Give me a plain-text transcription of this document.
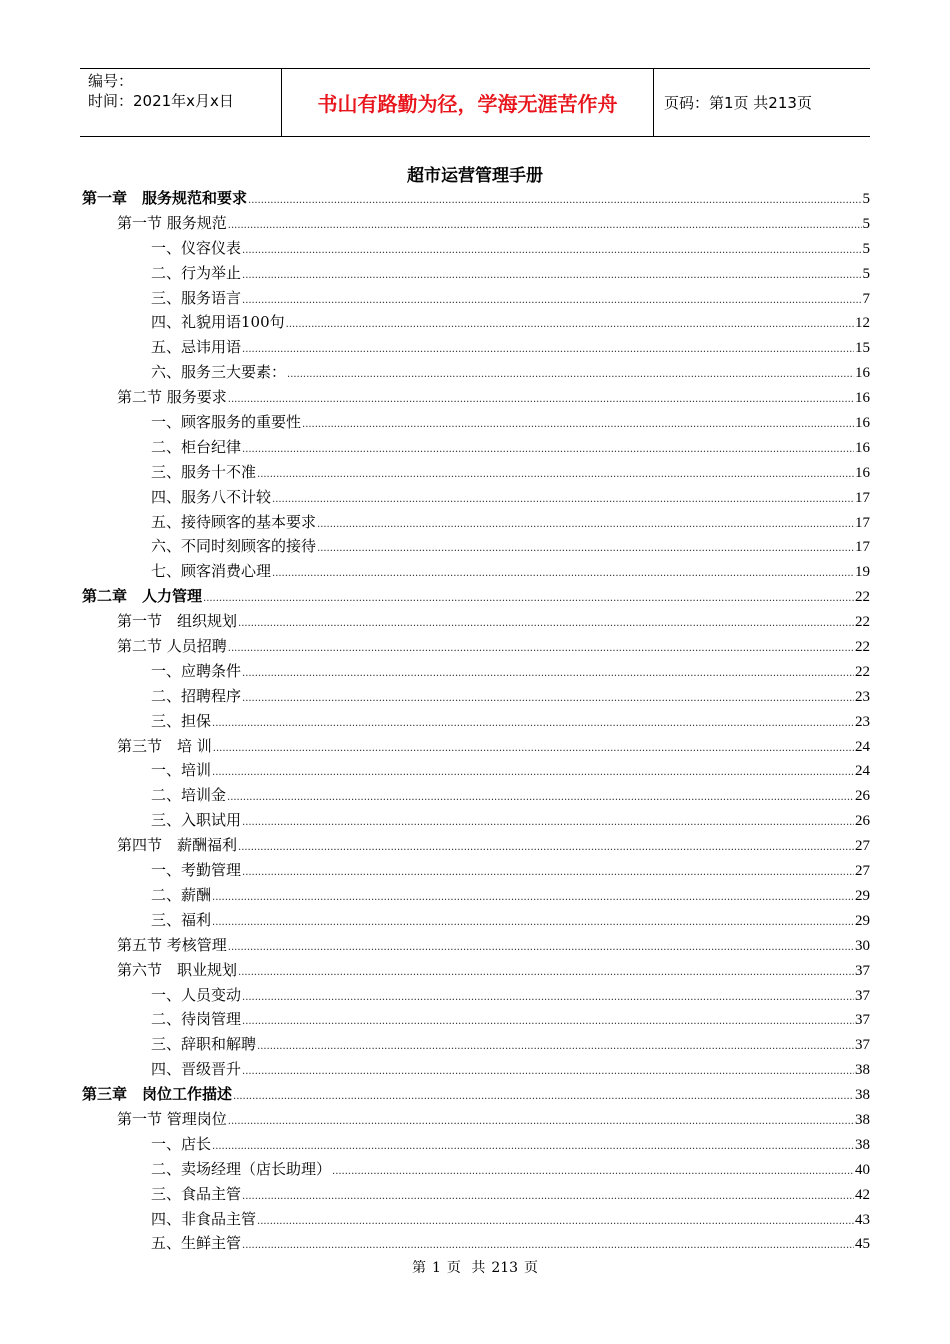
编号：
时间：2021年x月x日	书山有路勤为径，学海无涯苦作舟	页码：第1页 共213页
超市运营管理手册
第一章　服务规范和要求 .....	5
第一节 服务规范 .....	5
一、仪容仪表 .....	5
二、行为举止 .....	5
三、服务语言 .....	7
四、礼貌用语100句 .....	12
五、忌讳用语 .....	15
六、服务三大要素： .....	16
第二节 服务要求 .....	16
一、顾客服务的重要性 .....	16
二、柜台纪律 .....	16
三、服务十不准 .....	16
四、服务八不计较 .....	17
五、接待顾客的基本要求 .....	17
六、不同时刻顾客的接待 .....	17
七、顾客消费心理 .....	19
第二章　人力管理 .....	22
第一节　组织规划 .....	22
第二节 人员招聘 .....	22
一、应聘条件 .....	22
二、招聘程序 .....	23
三、担保 .....	23
第三节　培 训 .....	24
一、培训 .....	24
二、培训金 .....	26
三、入职试用 .....	26
第四节　薪酬福利 .....	27
一、考勤管理 .....	27
二、薪酬 .....	29
三、福利 .....	29
第五节 考核管理 .....	30
第六节　职业规划 .....	37
一、人员变动 .....	37
二、待岗管理 .....	37
三、辞职和解聘 .....	37
四、晋级晋升 .....	38
第三章　岗位工作描述 .....	38
第一节 管理岗位 .....	38
一、店长 .....	38
二、卖场经理（店长助理） .....	40
三、食品主管 .....	42
四、非食品主管 .....	43
五、生鲜主管 .....	45
第 1 页 共 213 页
